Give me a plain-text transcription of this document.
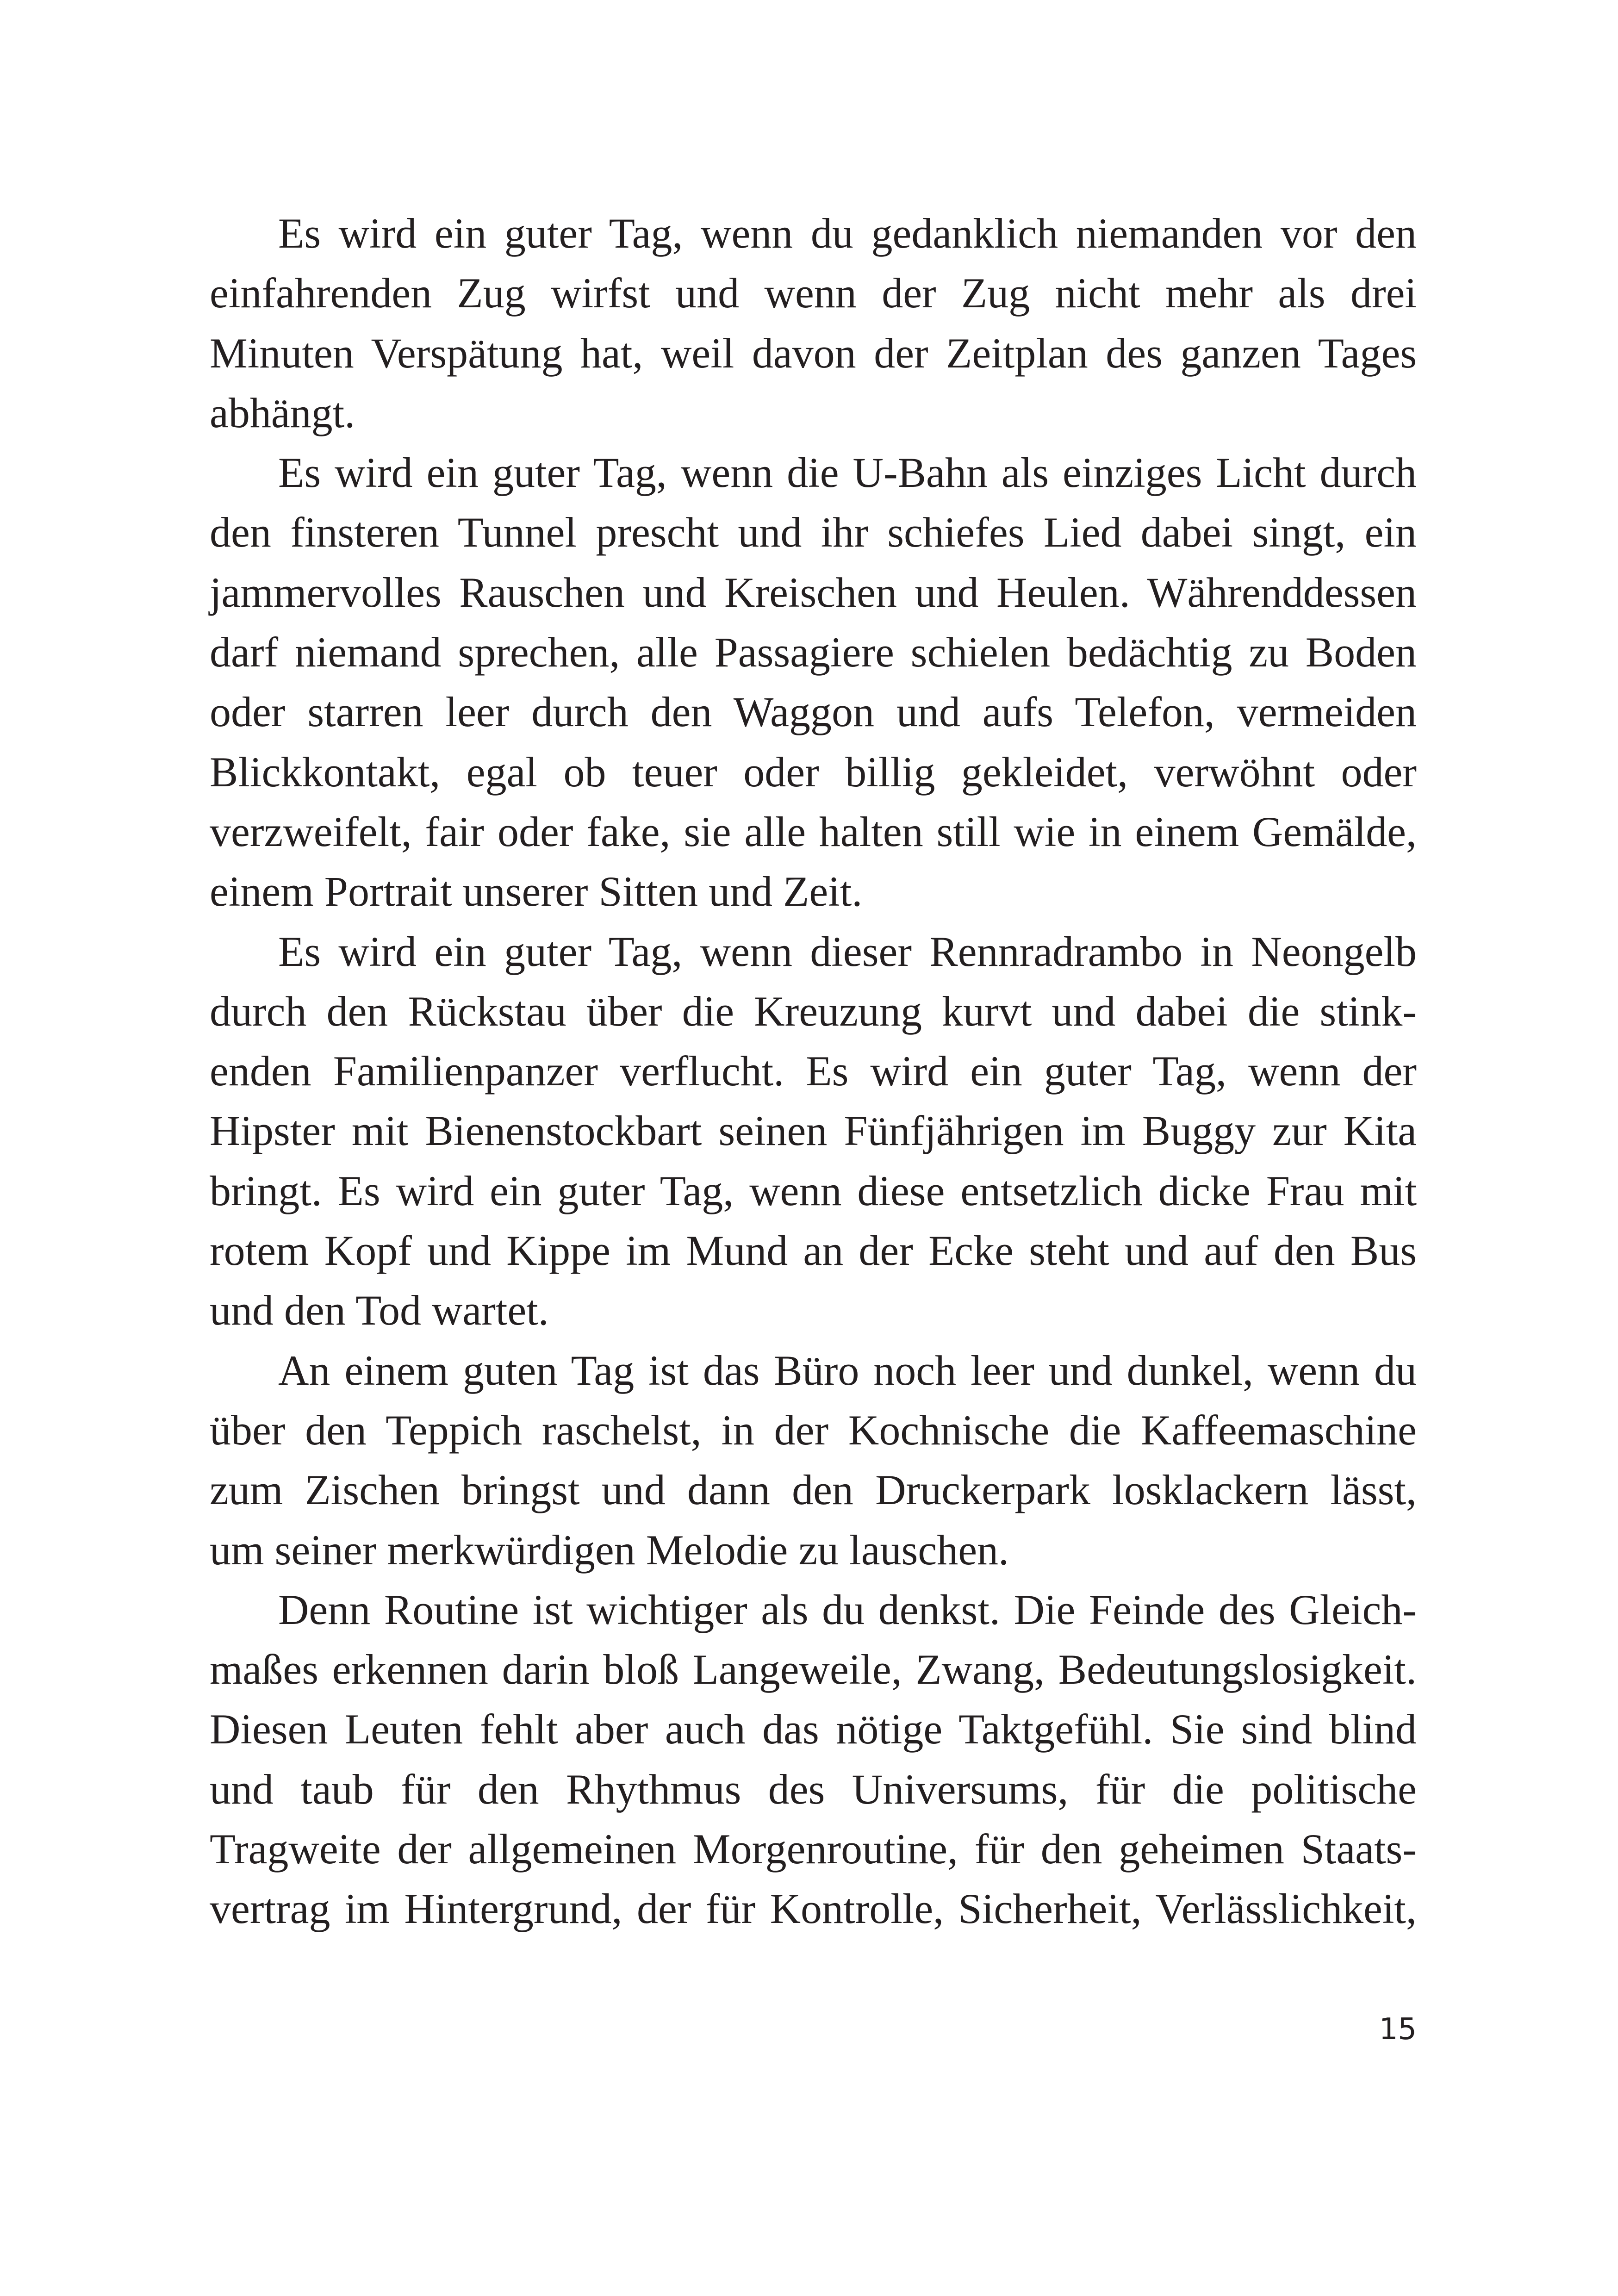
Es wird ein guter Tag, wenn du gedanklich niemanden vor den
einfahrenden Zug wirfst und wenn der Zug nicht mehr als drei
Minuten Verspätung hat, weil davon der Zeitplan des ganzen Tages
abhängt.
Es wird ein guter Tag, wenn die U-Bahn als einziges Licht durch
den finsteren Tunnel prescht und ihr schiefes Lied dabei singt, ein
jammervolles Rauschen und Kreischen und Heulen. Währenddessen
darf niemand sprechen, alle Passagiere schielen bedächtig zu Boden
oder starren leer durch den Waggon und aufs Telefon, vermeiden
Blickkontakt, egal ob teuer oder billig gekleidet, verwöhnt oder
verzweifelt, fair oder fake, sie alle halten still wie in einem Gemälde,
einem Portrait unserer Sitten und Zeit.
Es wird ein guter Tag, wenn dieser Rennradrambo in Neongelb
durch den Rückstau über die Kreuzung kurvt und dabei die stink-
enden Familienpanzer verflucht. Es wird ein guter Tag, wenn der
Hipster mit Bienenstockbart seinen Fünfjährigen im Buggy zur Kita
bringt. Es wird ein guter Tag, wenn diese entsetzlich dicke Frau mit
rotem Kopf und Kippe im Mund an der Ecke steht und auf den Bus
und den Tod wartet.
An einem guten Tag ist das Büro noch leer und dunkel, wenn du
über den Teppich raschelst, in der Kochnische die Kaffeemaschine
zum Zischen bringst und dann den Druckerpark losklackern lässt,
um seiner merkwürdigen Melodie zu lauschen.
Denn Routine ist wichtiger als du denkst. Die Feinde des Gleich-
maßes erkennen darin bloß Langeweile, Zwang, Bedeutungslosigkeit.
Diesen Leuten fehlt aber auch das nötige Taktgefühl. Sie sind blind
und taub für den Rhythmus des Universums, für die politische
Tragweite der allgemeinen Morgenroutine, für den geheimen Staats-
vertrag im Hintergrund, der für Kontrolle, Sicherheit, Verlässlichkeit,
15
